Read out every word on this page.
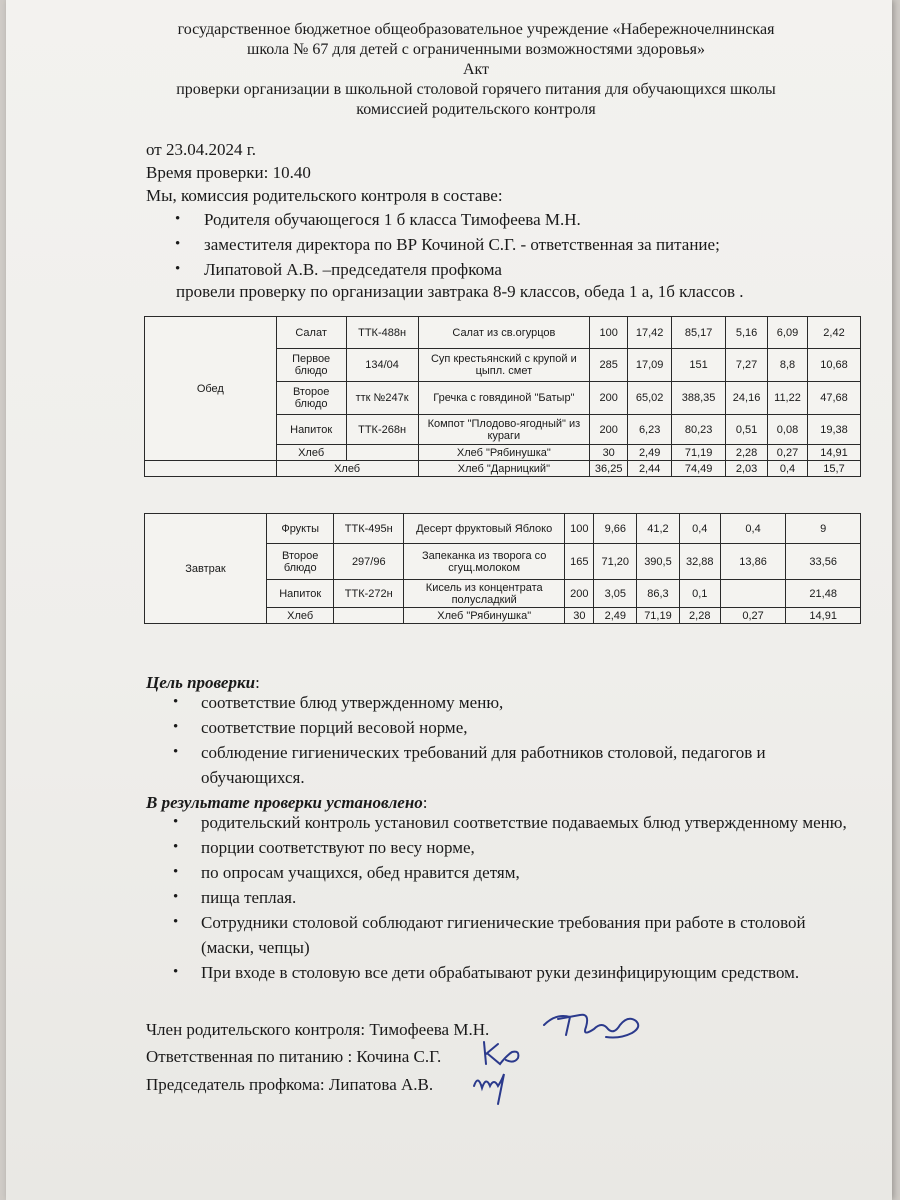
государственное бюджетное общеобразовательное учреждение «Набережночелнинская
школа № 67 для детей с ограниченными возможностями здоровья»
Акт
проверки организации в школьной столовой горячего питания для обучающихся школы
комиссией родительского контроля
от 23.04.2024 г.
Время проверки: 10.40
Мы, комиссия родительского контроля в составе:
• Родителя обучающегося 1 б класса Тимофеева М.Н.
• заместителя директора по ВР Кочиной С.Г. - ответственная за питание;
• Липатовой А.В. –председателя профкома
провели проверку по организации завтрака 8-9 классов, обеда 1 а, 1б классов .
Обед	Салат	ТТК-488н	Салат из св.огурцов	100	17,42	85,17	5,16	6,09	2,42
	Первое блюдо	134/04	Суп крестьянский с крупой и цыпл. смет	285	17,09	151	7,27	8,8	10,68
	Второе блюдо	ттк №247к	Гречка с говядиной "Батыр"	200	65,02	388,35	24,16	11,22	47,68
	Напиток	ТТК-268н	Компот "Плодово-ягодный" из кураги	200	6,23	80,23	0,51	0,08	19,38
	Хлеб		Хлеб "Рябинушка"	30	2,49	71,19	2,28	0,27	14,91
	Хлеб		Хлеб "Дарницкий"	36,25	2,44	74,49	2,03	0,4	15,7
Завтрак	Фрукты	ТТК-495н	Десерт фруктовый Яблоко	100	9,66	41,2	0,4	0,4	9
	Второе блюдо	297/96	Запеканка из творога со сгущ.молоком	165	71,20	390,5	32,88	13,86	33,56
	Напиток	ТТК-272н	Кисель из концентрата полусладкий	200	3,05	86,3	0,1		21,48
	Хлеб		Хлеб "Рябинушка"	30	2,49	71,19	2,28	0,27	14,91
Цель проверки:
• соответствие блюд утвержденному меню,
• соответствие порций весовой норме,
• соблюдение гигиенических требований для работников столовой, педагогов и обучающихся.
В результате проверки установлено:
• родительский контроль установил соответствие подаваемых блюд утвержденному меню,
• порции соответствуют по весу норме,
• по опросам учащихся, обед нравится детям,
• пища теплая.
• Сотрудники столовой соблюдают гигиенические требования при работе в столовой (маски, чепцы)
• При входе в столовую все дети обрабатывают руки дезинфицирующим средством.
Член родительского контроля: Тимофеева М.Н.
Ответственная по питанию : Кочина С.Г.
Председатель профкома: Липатова А.В.
